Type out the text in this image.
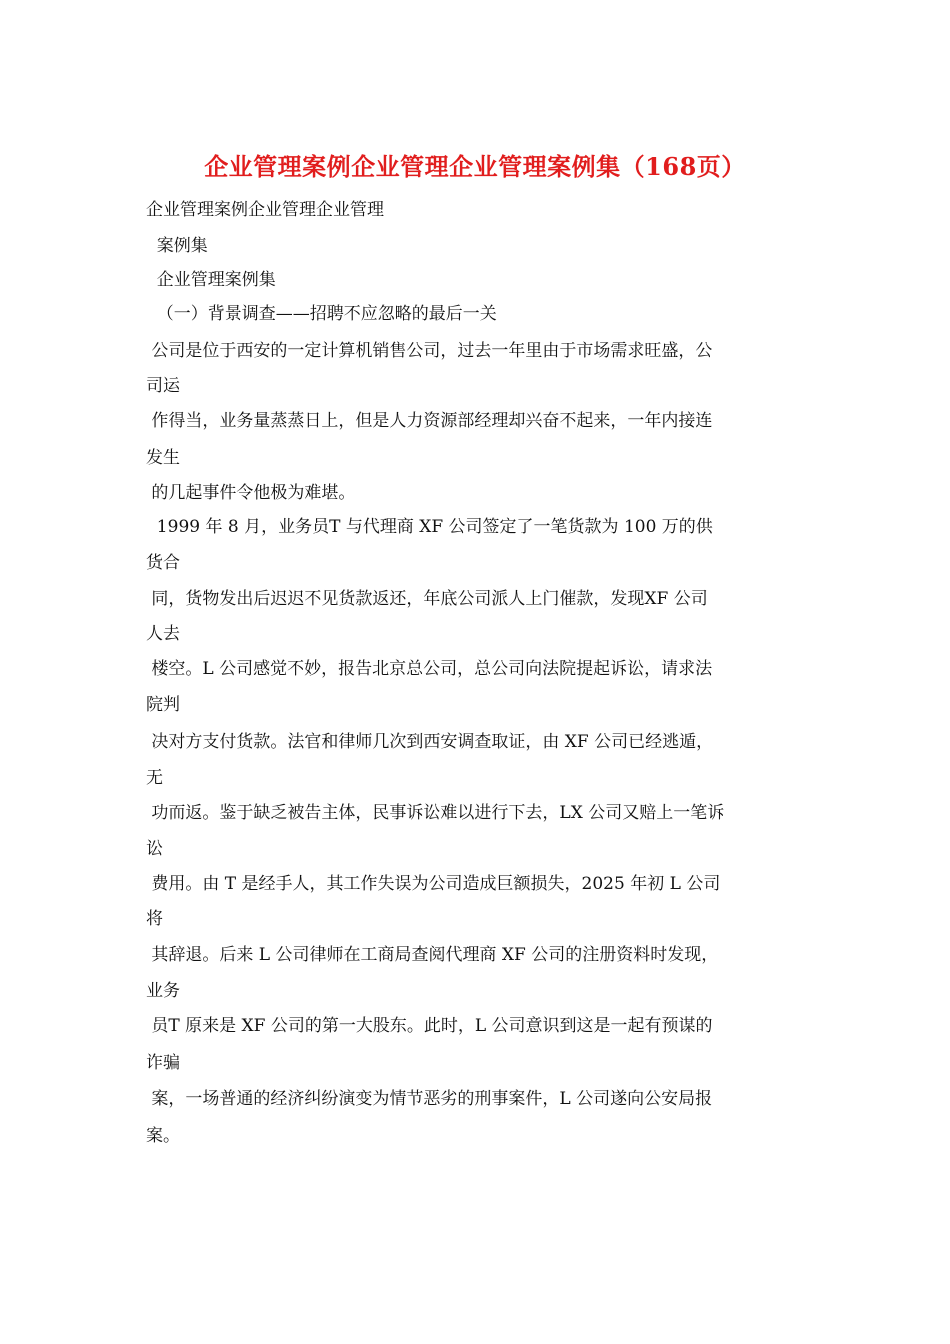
企业管理案例企业管理企业管理案例集（168页）
企业管理案例企业管理企业管理
案例集
企业管理案例集
（一）背景调查——招聘不应忽略的最后一关
公司是位于西安的一定计算机销售公司，过去一年里由于市场需求旺盛，公
司运
作得当，业务量蒸蒸日上，但是人力资源部经理却兴奋不起来，一年内接连
发生
的几起事件令他极为难堪。
1999 年 8 月，业务员T 与代理商 XF 公司签定了一笔货款为 100 万的供
货合
同，货物发出后迟迟不见货款返还，年底公司派人上门催款，发现XF 公司
人去
楼空。L 公司感觉不妙，报告北京总公司，总公司向法院提起诉讼，请求法
院判
决对方支付货款。法官和律师几次到西安调查取证，由 XF 公司已经逃遁，
无
功而返。鉴于缺乏被告主体，民事诉讼难以进行下去，LX 公司又赔上一笔诉
讼
费用。由 T 是经手人，其工作失误为公司造成巨额损失，2025 年初 L 公司
将
其辞退。后来 L 公司律师在工商局查阅代理商 XF 公司的注册资料时发现，
业务
员T 原来是 XF 公司的第一大股东。此时，L 公司意识到这是一起有预谋的
诈骗
案，一场普通的经济纠纷演变为情节恶劣的刑事案件，L 公司遂向公安局报
案。
